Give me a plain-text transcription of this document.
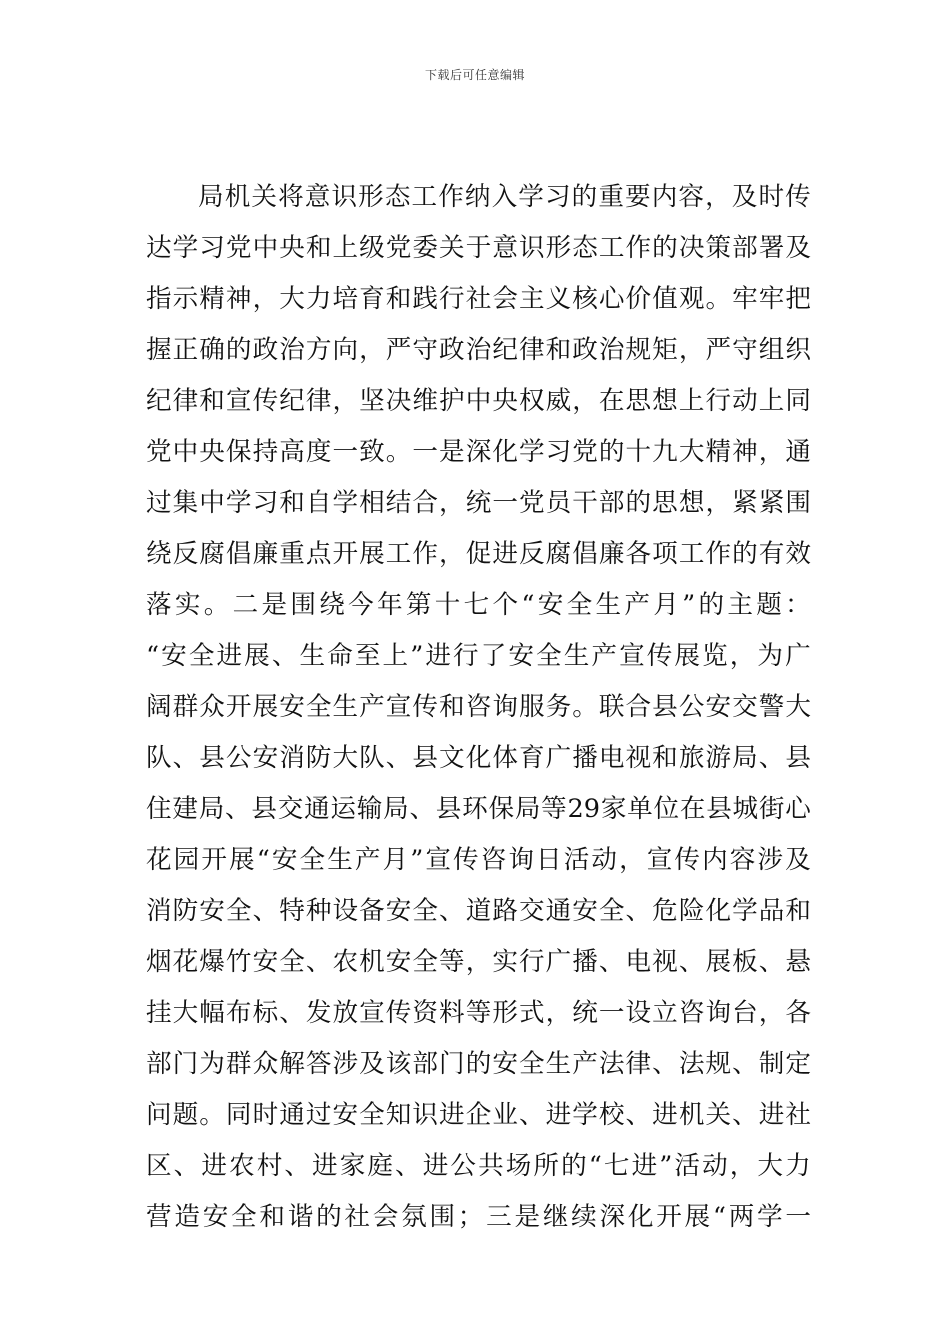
下载后可任意编辑
局 机 关 将 意 识 形 态 工 作 纳 入 学 习 的 重 要 内 容 ， 及 时 传
达 学 习 党 中 央 和 上 级 党 委 关 于 意 识 形 态 工 作 的 决 策 部 署 及
指 示 精 神 ， 大 力 培 育 和 践 行 社 会 主 义 核 心 价 值 观 。 牢 牢 把
握 正 确 的 政 治 方 向 ， 严 守 政 治 纪 律 和 政 治 规 矩 ， 严 守 组 织
纪 律 和 宣 传 纪 律 ， 坚 决 维 护 中 央 权 威 ， 在 思 想 上 行 动 上 同
党 中 央 保 持 高 度 一 致 。 一 是 深 化 学 习 党 的 十 九 大 精 神 ， 通
过 集 中 学 习 和 自 学 相 结 合 ， 统 一 党 员 干 部 的 思 想 ， 紧 紧 围
绕 反 腐 倡 廉 重 点 开 展 工 作 ， 促 进 反 腐 倡 廉 各 项 工 作 的 有 效
落 实 。 二 是 围 绕 今 年 第 十 七 个 “ 安 全 生 产 月 ” 的 主 题 ：
“ 安 全 进 展 、 生 命 至 上 ” 进 行 了 安 全 生 产 宣 传 展 览 ， 为 广
阔 群 众 开 展 安 全 生 产 宣 传 和 咨 询 服 务 。 联 合 县 公 安 交 警 大
队 、 县 公 安 消 防 大 队 、 县 文 化 体 育 广 播 电 视 和 旅 游 局 、 县
住 建 局 、 县 交 通 运 输 局 、 县 环 保 局 等 29 家 单 位 在 县 城 街 心
花 园 开 展 “ 安 全 生 产 月 ” 宣 传 咨 询 日 活 动 ， 宣 传 内 容 涉 及
消 防 安 全 、 特 种 设 备 安 全 、 道 路 交 通 安 全 、 危 险 化 学 品 和
烟 花 爆 竹 安 全 、 农 机 安 全 等 ， 实 行 广 播 、 电 视 、 展 板 、 悬
挂 大 幅 布 标 、 发 放 宣 传 资 料 等 形 式 ， 统 一 设 立 咨 询 台 ， 各
部 门 为 群 众 解 答 涉 及 该 部 门 的 安 全 生 产 法 律 、 法 规 、 制 定
问 题 。 同 时 通 过 安 全 知 识 进 企 业 、 进 学 校 、 进 机 关 、 进 社
区 、 进 农 村 、 进 家 庭 、 进 公 共 场 所 的 “ 七 进 ” 活 动 ， 大 力
营 造 安 全 和 谐 的 社 会 氛 围 ； 三 是 继 续 深 化 开 展 “ 两 学 一
